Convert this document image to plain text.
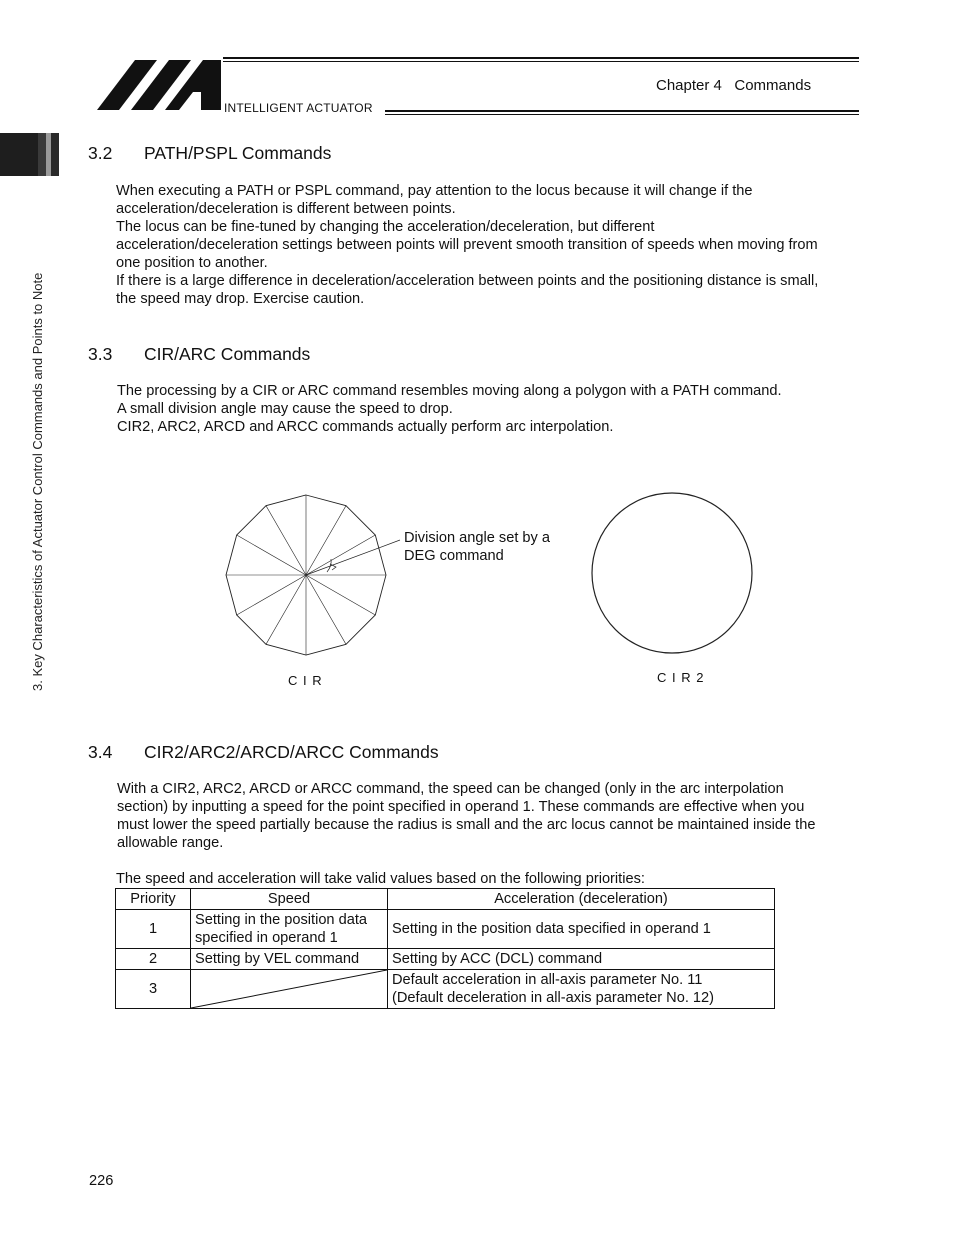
INTELLIGENT ACTUATOR
Chapter 4   Commands
3. Key Characteristics of Actuator Control Commands and Points to Note
3.2 PATH/PSPL Commands

When executing a PATH or PSPL command, pay attention to the locus because it will change if the

acceleration/deceleration is different between points.

The locus can be fine-tuned by changing the acceleration/deceleration, but different

acceleration/deceleration settings between points will prevent smooth transition of speeds when moving from

one position to another.

If there is a large difference in deceleration/acceleration between points and the positioning distance is small,

the speed may drop. Exercise caution.

3.3 CIR/ARC Commands

The processing by a CIR or ARC command resembles moving along a polygon with a PATH command.

A small division angle may cause the speed to drop.

CIR2, ARC2, ARCD and ARCC commands actually perform arc interpolation.

Division angle set by a
DEG command
C I R	C I R 2
3.4 CIR2/ARC2/ARCD/ARCC Commands

With a CIR2, ARC2, ARCD or ARCC command, the speed can be changed (only in the arc interpolation

section) by inputting a speed for the point specified in operand 1. These commands are effective when you

must lower the speed partially because the radius is small and the arc locus cannot be maintained inside the

allowable range.

The speed and acceleration will take valid values based on the following priorities:
Priority	Speed	Acceleration (deceleration)
1	Setting in the position data
specified in operand 1	Setting in the position data specified in operand 1

2	Setting by VEL command	Setting by ACC (DCL) command
3		Default acceleration in all-axis parameter No. 11
(Default deceleration in all-axis parameter No. 12)
226
